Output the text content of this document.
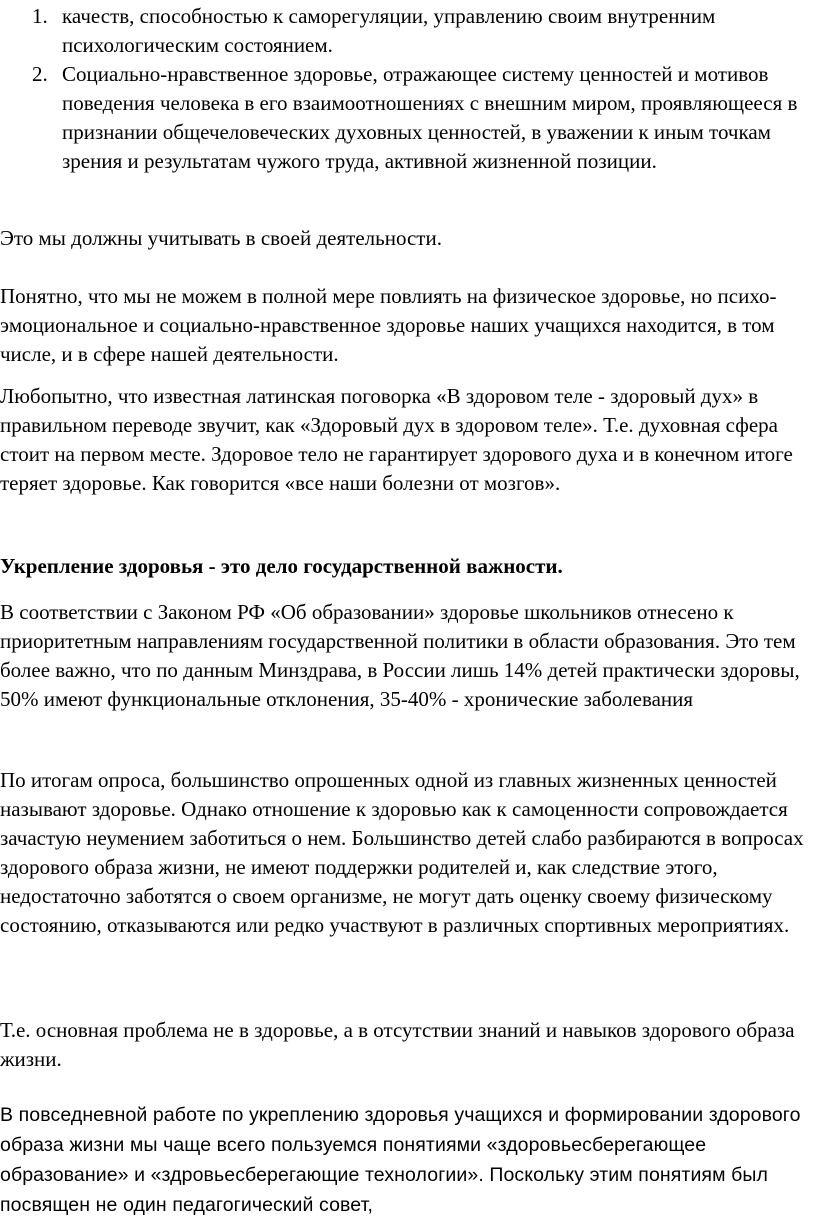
1. качеств, способностью к саморегуляции, управлению своим внутренним психологическим состоянием.
2. Социально-нравственное здоровье, отражающее систему ценностей и мотивов поведения человека в его взаимоотношениях с внешним миром, проявляющееся в признании общечеловеческих духовных ценностей, в уважении к иным точкам зрения и результатам чужого труда, активной жизненной позиции.
Это мы должны учитывать в своей деятельности.
Понятно, что мы не можем в полной мере повлиять на физическое здоровье, но психо-эмоциональное и социально-нравственное здоровье наших учащихся находится, в том числе, и в сфере нашей деятельности.
Любопытно, что известная латинская поговорка «В здоровом теле - здоровый дух» в правильном переводе звучит, как «Здоровый дух в здоровом теле». Т.е. духовная сфера стоит на первом месте. Здоровое тело не гарантирует здорового духа и в конечном итоге теряет здоровье. Как говорится «все наши болезни от мозгов».
Укрепление здоровья - это дело государственной важности.
В соответствии с Законом РФ «Об образовании» здоровье школьников отнесено к приоритетным направлениям государственной политики в области образования. Это тем более важно, что по данным Минздрава, в России лишь 14% детей практически здоровы, 50% имеют функциональные отклонения, 35-40% - хронические заболевания
По итогам опроса, большинство опрошенных одной из главных жизненных ценностей называют здоровье. Однако отношение к здоровью как к самоценности сопровождается зачастую неумением заботиться о нем. Большинство детей слабо разбираются в вопросах здорового образа жизни, не имеют поддержки родителей и, как следствие этого, недостаточно заботятся о своем организме, не могут дать оценку своему физическому состоянию, отказываются или редко участвуют в различных спортивных мероприятиях.
Т.е. основная проблема не в здоровье, а в отсутствии знаний и навыков здорового образа жизни.
В повседневной работе по укреплению здоровья учащихся и формировании здорового образа жизни мы чаще всего пользуемся понятиями «здоровьесберегающее образование» и «здровьесберегающие технологии». Поскольку этим понятиям был посвящен не один педагогический совет,
